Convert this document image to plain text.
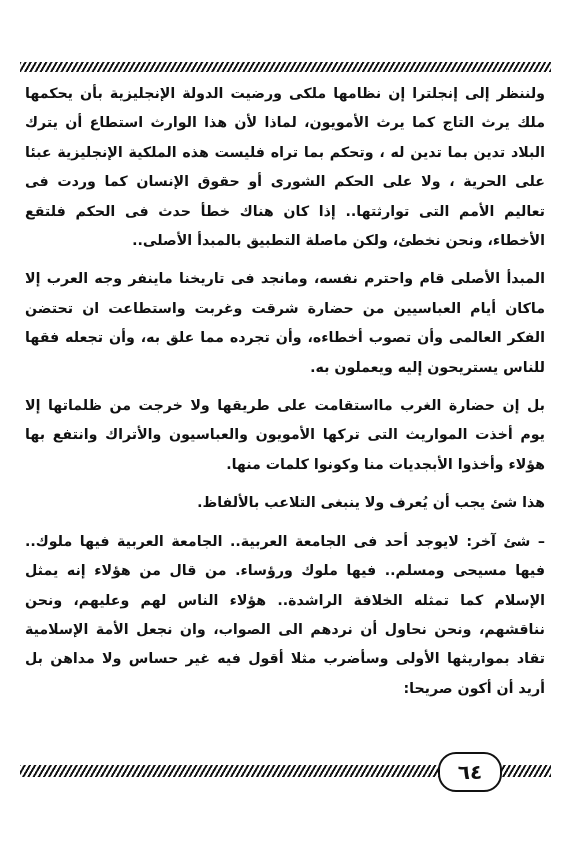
ولننظر إلى إنجلترا إن نظامها ملكى ورضيت الدولة الإنجليزية بأن يحكمها ملك يرث التاج كما يرث الأمويون، لماذا لأن هذا الوارث استطاع أن يترك البلاد تدين بما تدين له ، وتحكم بما تراه فليست هذه الملكية الإنجليزية عبئا على الحرية ، ولا على الحكم الشورى أو حقوق الإنسان كما وردت فى تعاليم الأمم التى توارثتها.. إذا كان هناك خطأ حدث فى الحكم فلتقع الأخطاء، ونحن نخطئ، ولكن ماصلة التطبيق بالمبدأ الأصلى..

المبدأ الأصلى قام واحترم نفسه، ومانجد فى تاريخنا ماينفر وجه العرب إلا ماكان أيام العباسيين من حضارة شرقت وغربت واستطاعت ان تحتضن الفكر العالمى وأن تصوب أخطاءه، وأن تجرده مما علق به، وأن تجعله فقها للناس يستريحون إليه ويعملون به.

بل إن حضارة الغرب مااستقامت على طريقها ولا خرجت من ظلماتها إلا يوم أخذت المواريث التى تركها الأمويون والعباسيون والأتراك وانتفع بها هؤلاء وأخذوا الأبجديات منا وكونوا كلمات منها.

هذا شئ يجب أن يُعرف ولا ينبغى التلاعب بالألفاظ.

– شئ آخر: لايوجد أحد فى الجامعة العربية.. الجامعة العربية فيها ملوك.. فيها مسيحى ومسلم.. فيها ملوك ورؤساء. من قال من هؤلاء إنه يمثل الإسلام كما تمثله الخلافة الراشدة.. هؤلاء الناس لهم وعليهم، ونحن نناقشهم، ونحن نحاول أن نردهم الى الصواب، وان نجعل الأمة الإسلامية تقاد بمواريثها الأولى وسأضرب مثلا أقول فيه غير حساس ولا مداهن بل أريد أن أكون صريحا:

٦٤
